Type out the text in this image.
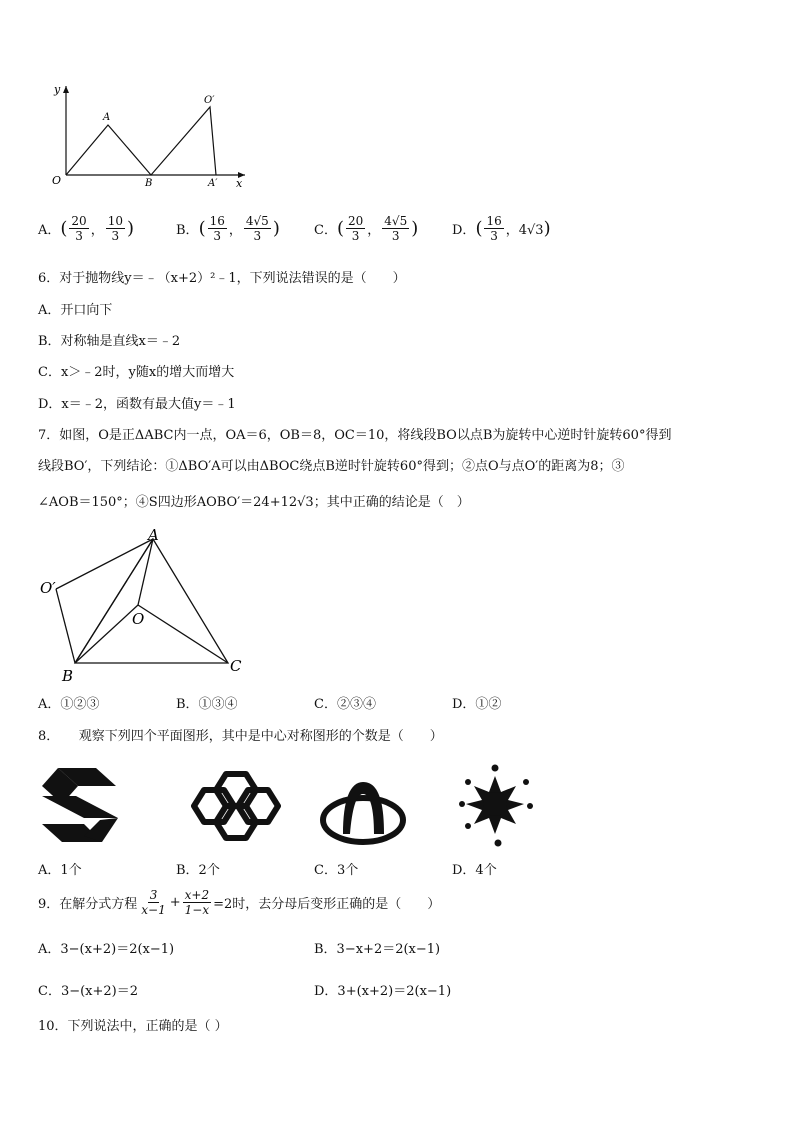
y
x
O
A
B
O′
A′
A． ( $\frac{20}{3}$ ， $\frac{10}{3}$ )	B． ( $\frac{16}{3}$ ， $\frac{4√5}{3}$ )	C． ( $\frac{20}{3}$ ， $\frac{4√5}{3}$ )	D． ( $\frac{16}{3}$ ，4√3 )
6．对于抛物线y＝﹣（x+2）²﹣1，下列说法错误的是（　　）
A．开口向下
B．对称轴是直线x＝﹣2
C．x＞﹣2时，y随x的增大而增大
D．x＝﹣2，函数有最大值y＝﹣1
7．如图，O是正ΔABC内一点，OA＝6，OB＝8，OC＝10，将线段BO以点B为旋转中心逆时针旋转60°得到
线段BO′，下列结论：①ΔBO′A可以由ΔBOC绕点B逆时针旋转60°得到；②点O与点O′的距离为8；③
∠AOB＝150°；④S四边形AOBO′＝24+12√3；其中正确的结论是（　）
A
O′
O
B
C
A．①②③	B．①③④	C．②③④	D．①②
8．　　观察下列四个平面图形，其中是中心对称图形的个数是（　　）
A．1个	B．2个	C．3个	D．4个
9．在解分式方程 $\frac{3}{x-1} + \frac{x+2}{1-x} =2$时，去分母后变形正确的是（　　）
A．3−(x+2)＝2(x−1)	B．3−x+2＝2(x−1)
C．3−(x+2)＝2	D．3+(x+2)＝2(x−1)
10．下列说法中，正确的是（ ）
